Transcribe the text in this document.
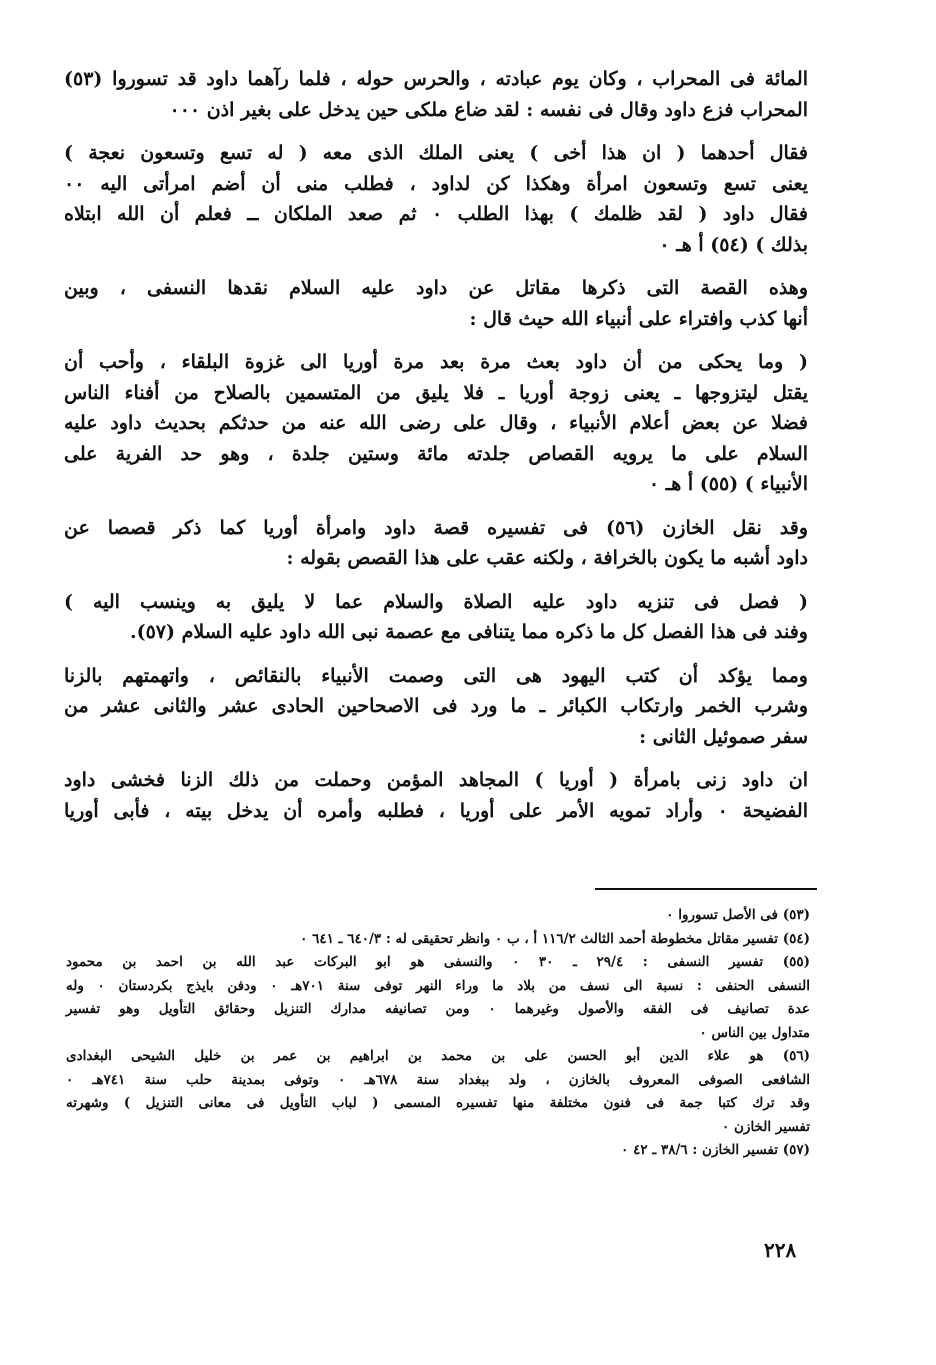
المائة فى المحراب ، وكان يوم عبادته ، والحرس حوله ، فلما رآهما داود قد تسوروا (٥٣)
المحراب فزع داود وقال فى نفسه : لقد ضاع ملكى حين يدخل على بغير اذن ٠٠٠

فقال أحدهما ( ان هذا أخى ) يعنى الملك الذى معه ( له تسع وتسعون نعجة )
يعنى تسع وتسعون امرأة وهكذا كن لداود ، فطلب منى أن أضم امرأتى اليه ٠٠
فقال داود ( لقد ظلمك ) بهذا الطلب ٠ ثم صعد الملكان ــ فعلم أن الله ابتلاه
بذلك ) (٥٤) أ هـ ٠

وهذه القصة التى ذكرها مقاتل عن داود عليه السلام نقدها النسفى ، وبين
أنها كذب وافتراء على أنبياء الله حيث قال :

( وما يحكى من أن داود بعث مرة بعد مرة أوريا الى غزوة البلقاء ، وأحب أن
يقتل ليتزوجها ـ يعنى زوجة أوريا ـ فلا يليق من المتسمين بالصلاح من أفناء الناس
فضلا عن بعض أعلام الأنبياء ، وقال على رضى الله عنه من حدثكم بحديث داود عليه
السلام على ما يرويه القصاص جلدته مائة وستين جلدة ، وهو حد الفرية على
الأنبياء ) (٥٥) أ هـ ٠

وقد نقل الخازن (٥٦) فى تفسيره قصة داود وامرأة أوريا كما ذكر قصصا عن
داود أشبه ما يكون بالخرافة ، ولكنه عقب على هذا القصص بقوله :

( فصل فى تنزيه داود عليه الصلاة والسلام عما لا يليق به وينسب اليه )
وفند فى هذا الفصل كل ما ذكره مما يتنافى مع عصمة نبى الله داود عليه السلام (٥٧).

ومما يؤكد أن كتب اليهود هى التى وصمت الأنبياء بالنقائص ، واتهمتهم بالزنا
وشرب الخمر وارتكاب الكبائر ـ ما ورد فى الاصحاحين الحادى عشر والثانى عشر من
سفر صموئيل الثانى :

ان داود زنى بامرأة ( أوريا ) المجاهد المؤمن وحملت من ذلك الزنا فخشى داود
الفضيحة ٠ وأراد تمويه الأمر على أوريا ، فطلبه وأمره أن يدخل بيته ، فأبى أوريا

(٥٣) فى الأصل تسوروا ٠

(٥٤) تفسير مقاتل مخطوطة أحمد الثالث ١١٦/٢ أ ، ب ٠ وانظر تحقيقى له : ٦٤٠/٣ ـ ٦٤١ ٠

(٥٥) تفسير النسفى : ٢٩/٤ ـ ٣٠ ٠ والنسفى هو ابو البركات عبد الله بن احمد بن محمود
النسفى الحنفى : نسبة الى نسف من بلاد ما وراء النهر توفى سنة ٧٠١هـ ٠ ودفن بايذج بكردستان ٠ وله
عدة تصانيف فى الفقه والأصول وغيرهما ٠ ومن تصانيفه مدارك التنزيل وحقائق التأويل وهو تفسير
متداول بين الناس ٠

(٥٦) هو علاء الدين أبو الحسن على بن محمد بن ابراهيم بن عمر بن خليل الشيحى البغدادى
الشافعى الصوفى المعروف بالخازن ، ولد ببغداد سنة ٦٧٨هـ ٠ وتوفى بمدينة حلب سنة ٧٤١هـ ٠
وقد ترك كتبا جمة فى فنون مختلفة منها تفسيره المسمى ( لباب التأويل فى معانى التنزيل ) وشهرته
تفسير الخازن ٠

(٥٧) تفسير الخازن : ٣٨/٦ ـ ٤٢ ٠

٢٢٨
